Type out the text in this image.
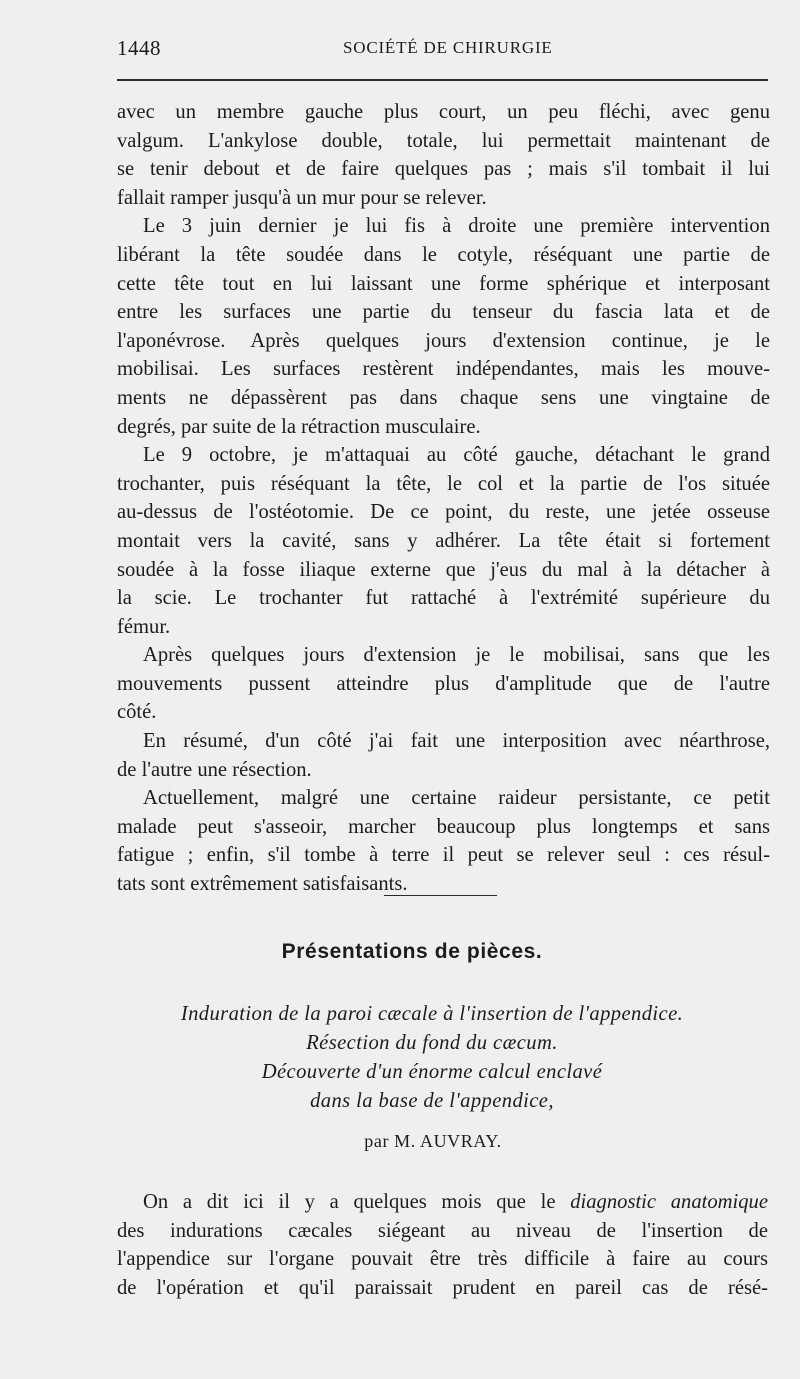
1448	SOCIÉTÉ DE CHIRURGIE

avec un membre gauche plus court, un peu fléchi, avec genu
valgum. L'ankylose double, totale, lui permettait maintenant de
se tenir debout et de faire quelques pas ; mais s'il tombait il lui
fallait ramper jusqu'à un mur pour se relever.

Le 3 juin dernier je lui fis à droite une première intervention
libérant la tête soudée dans le cotyle, réséquant une partie de
cette tête tout en lui laissant une forme sphérique et interposant
entre les surfaces une partie du tenseur du fascia lata et de
l'aponévrose. Après quelques jours d'extension continue, je le
mobilisai. Les surfaces restèrent indépendantes, mais les mouve-
ments ne dépassèrent pas dans chaque sens une vingtaine de
degrés, par suite de la rétraction musculaire.

Le 9 octobre, je m'attaquai au côté gauche, détachant le grand
trochanter, puis réséquant la tête, le col et la partie de l'os située
au-dessus de l'ostéotomie. De ce point, du reste, une jetée osseuse
montait vers la cavité, sans y adhérer. La tête était si fortement
soudée à la fosse iliaque externe que j'eus du mal à la détacher à
la scie. Le trochanter fut rattaché à l'extrémité supérieure du
fémur.

Après quelques jours d'extension je le mobilisai, sans que les
mouvements pussent atteindre plus d'amplitude que de l'autre
côté.

En résumé, d'un côté j'ai fait une interposition avec néarthrose,
de l'autre une résection.

Actuellement, malgré une certaine raideur persistante, ce petit
malade peut s'asseoir, marcher beaucoup plus longtemps et sans
fatigue ; enfin, s'il tombe à terre il peut se relever seul : ces résul-
tats sont extrêmement satisfaisants.

Présentations de pièces.
Induration de la paroi cæcale à l'insertion de l'appendice.
Résection du fond du cæcum.
Découverte d'un énorme calcul enclavé
dans la base de l'appendice,
par M. AUVRAY.

On a dit ici il y a quelques mois que le diagnostic anatomique
des indurations cæcales siégeant au niveau de l'insertion de
l'appendice sur l'organe pouvait être très difficile à faire au cours
de l'opération et qu'il paraissait prudent en pareil cas de résé-
